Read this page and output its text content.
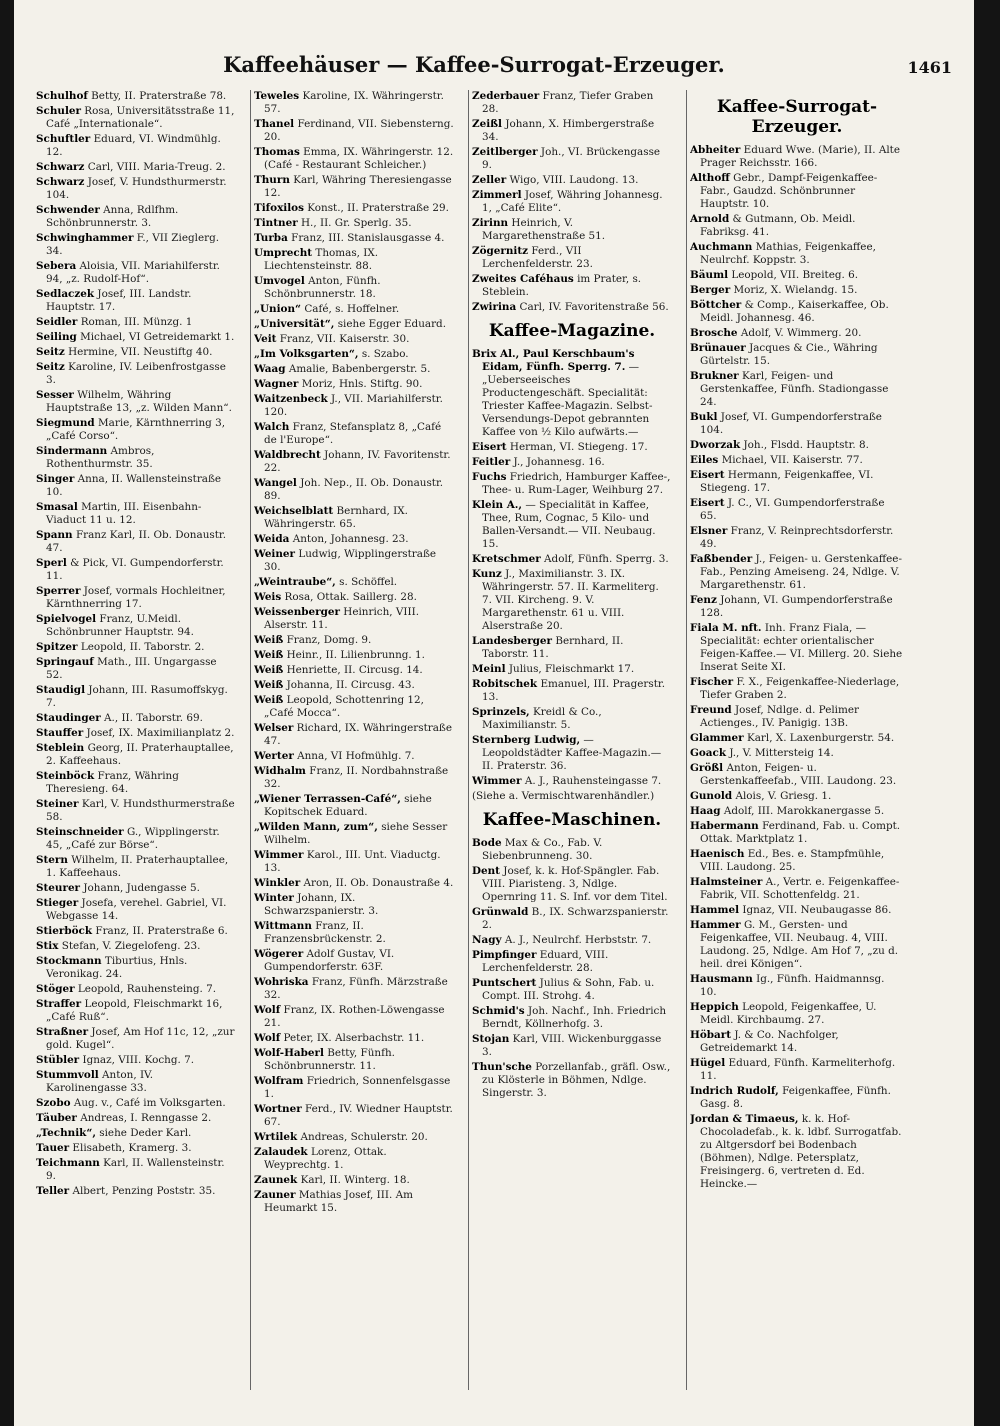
Kaffeehäuser — Kaffee-Surrogat-Erzeuger.	1461
Schulhof Betty, II. Praterstraße 78.
Schuler Rosa, Universitätsstraße 11, Café „Internationale“.
Schuftler Eduard, VI. Windmühlg. 12.
Schwarz Carl, VIII. Maria-Treug. 2.
Schwarz Josef, V. Hundsthurmerstr. 104.
Schwender Anna, Rdlfhm. Schönbrunnerstr. 3.
Schwinghammer F., VII Zieglerg. 34.
Sebera Aloisia, VII. Mariahilferstr. 94, „z. Rudolf-Hof“.
Sedlaczek Josef, III. Landstr. Hauptstr. 17.
Seidler Roman, III. Münzg. 1
Seiling Michael, VI Getreidemarkt 1.
Seitz Hermine, VII. Neustiftg 40.
Seitz Karoline, IV. Leibenfrostgasse 3.
Sesser Wilhelm, Währing Hauptstraße 13, „z. Wilden Mann“.
Siegmund Marie, Kärnthnerring 3, „Café Corso“.
Sindermann Ambros, Rothenthurmstr. 35.
Singer Anna, II. Wallensteinstraße 10.
Smasal Martin, III. Eisenbahn-Viaduct 11 u. 12.
Spann Franz Karl, II. Ob. Donaustr. 47.
Sperl & Pick, VI. Gumpendorferstr. 11.
Sperrer Josef, vormals Hochleitner, Kärnthnerring 17.
Spielvogel Franz, U.Meidl. Schönbrunner Hauptstr. 94.
Spitzer Leopold, II. Taborstr. 2.
Springauf Math., III. Ungargasse 52.
Staudigl Johann, III. Rasumoffskyg. 7.
Staudinger A., II. Taborstr. 69.
Stauffer Josef, IX. Maximilianplatz 2.
Steblein Georg, II. Praterhauptallee, 2. Kaffeehaus.
Steinböck Franz, Währing Theresieng. 64.
Steiner Karl, V. Hundsthurmerstraße 58.
Steinschneider G., Wipplingerstr. 45, „Café zur Börse“.
Stern Wilhelm, II. Praterhauptallee, 1. Kaffeehaus.
Steurer Johann, Judengasse 5.
Stieger Josefa, verehel. Gabriel, VI. Webgasse 14.
Stierböck Franz, II. Praterstraße 6.
Stix Stefan, V. Ziegelofeng. 23.
Stockmann Tiburtius, Hnls. Veronikag. 24.
Stöger Leopold, Rauhensteing. 7.
Straffer Leopold, Fleischmarkt 16, „Café Ruß“.
Straßner Josef, Am Hof 11c, 12, „zur gold. Kugel“.
Stübler Ignaz, VIII. Kochg. 7.
Stummvoll Anton, IV. Karolinengasse 33.
Szobo Aug. v., Café im Volksgarten.
Täuber Andreas, I. Renngasse 2.
„Technik“, siehe Deder Karl.
Tauer Elisabeth, Kramerg. 3.
Teichmann Karl, II. Wallensteinstr. 9.
Teller Albert, Penzing Poststr. 35.
Teweles Karoline, IX. Währingerstr. 57.
Thanel Ferdinand, VII. Siebensterng. 20.
Thomas Emma, IX. Währingerstr. 12. (Café - Restaurant Schleicher.)
Thurn Karl, Währing Theresiengasse 12.
Tifoxilos Konst., II. Praterstraße 29.
Tintner H., II. Gr. Sperlg. 35.
Turba Franz, III. Stanislausgasse 4.
Umprecht Thomas, IX. Liechtensteinstr. 88.
Umvogel Anton, Fünfh. Schönbrunnerstr. 18.
„Union“ Café, s. Hoffelner.
„Universität“, siehe Egger Eduard.
Veit Franz, VII. Kaiserstr. 30.
„Im Volksgarten“, s. Szabo.
Waag Amalie, Babenbergerstr. 5.
Wagner Moriz, Hnls. Stiftg. 90.
Waitzenbeck J., VII. Mariahilferstr. 120.
Walch Franz, Stefansplatz 8, „Café de l'Europe“.
Waldbrecht Johann, IV. Favoritenstr. 22.
Wangel Joh. Nep., II. Ob. Donaustr. 89.
Weichselblatt Bernhard, IX. Währingerstr. 65.
Weida Anton, Johannesg. 23.
Weiner Ludwig, Wipplingerstraße 30.
„Weintraube“, s. Schöffel.
Weis Rosa, Ottak. Saillerg. 28.
Weissenberger Heinrich, VIII. Alserstr. 11.
Weiß Franz, Domg. 9.
Weiß Heinr., II. Lilienbrunng. 1.
Weiß Henriette, II. Circusg. 14.
Weiß Johanna, II. Circusg. 43.
Weiß Leopold, Schottenring 12, „Café Mocca“.
Welser Richard, IX. Währingerstraße 47.
Werter Anna, VI Hofmühlg. 7.
Widhalm Franz, II. Nordbahnstraße 32.
„Wiener Terrassen-Café“, siehe Kopitschek Eduard.
„Wilden Mann, zum“, siehe Sesser Wilhelm.
Wimmer Karol., III. Unt. Viaductg. 13.
Winkler Aron, II. Ob. Donaustraße 4.
Winter Johann, IX. Schwarzspanierstr. 3.
Wittmann Franz, II. Franzensbrückenstr. 2.
Wögerer Adolf Gustav, VI. Gumpendorferstr. 63F.
Wohriska Franz, Fünfh. Märzstraße 32.
Wolf Franz, IX. Rothen-Löwengasse 21.
Wolf Peter, IX. Alserbachstr. 11.
Wolf-Haberl Betty, Fünfh. Schönbrunnerstr. 11.
Wolfram Friedrich, Sonnenfelsgasse 1.
Wortner Ferd., IV. Wiedner Hauptstr. 67.
Wrtilek Andreas, Schulerstr. 20.
Zalaudek Lorenz, Ottak. Weyprechtg. 1.
Zaunek Karl, II. Winterg. 18.
Zauner Mathias Josef, III. Am Heumarkt 15.
Zederbauer Franz, Tiefer Graben 28.
Zeißl Johann, X. Himbergerstraße 34.
Zeitlberger Joh., VI. Brückengasse 9.
Zeller Wigo, VIII. Laudong. 13.
Zimmerl Josef, Währing Johannesg. 1, „Café Elite“.
Zirinn Heinrich, V. Margarethenstraße 51.
Zögernitz Ferd., VII Lerchenfelderstr. 23.
Zweites Caféhaus im Prater, s. Steblein.
Zwirina Carl, IV. Favoritenstraße 56.
Kaffee-Magazine.
Brix Al., Paul Kerschbaum's Eidam, Fünfh. Sperrg. 7. — „Ueberseeisches Productengeschäft. Specialität: Triester Kaffee-Magazin. Selbst-Versendungs-Depot gebrannten Kaffee von ½ Kilo aufwärts.—
Eisert Herman, VI. Stiegeng. 17.
Feitler J., Johannesg. 16.
Fuchs Friedrich, Hamburger Kaffee-, Thee- u. Rum-Lager, Weihburg 27.
Klein A., — Specialität in Kaffee, Thee, Rum, Cognac, 5 Kilo- und Ballen-Versandt.— VII. Neubaug. 15.
Kretschmer Adolf, Fünfh. Sperrg. 3.
Kunz J., Maximilianstr. 3. IX. Währingerstr. 57. II. Karmeliterg. 7. VII. Kircheng. 9. V. Margarethenstr. 61 u. VIII. Alserstraße 20.
Landesberger Bernhard, II. Taborstr. 11.
Meinl Julius, Fleischmarkt 17.
Robitschek Emanuel, III. Pragerstr. 13.
Sprinzels, Kreidl & Co., Maximilianstr. 5.
Sternberg Ludwig, — Leopoldstädter Kaffee-Magazin.— II. Praterstr. 36.
Wimmer A. J., Rauhensteingasse 7.
(Siehe a. Vermischtwarenhändler.)
Kaffee-Maschinen.
Bode Max & Co., Fab. V. Siebenbrunneng. 30.
Dent Josef, k. k. Hof-Spängler. Fab. VIII. Piaristeng. 3, Ndlge. Opernring 11. S. Inf. vor dem Titel.
Grünwald B., IX. Schwarzspanierstr. 2.
Nagy A. J., Neulrchf. Herbststr. 7.
Pimpfinger Eduard, VIII. Lerchenfelderstr. 28.
Puntschert Julius & Sohn, Fab. u. Compt. III. Strohg. 4.
Schmid's Joh. Nachf., Inh. Friedrich Berndt, Köllnerhofg. 3.
Stojan Karl, VIII. Wickenburggasse 3.
Thun'sche Porzellanfab., gräfl. Osw., zu Klösterle in Böhmen, Ndlge. Singerstr. 3.
Kaffee-Surrogat-Erzeuger.
Abheiter Eduard Wwe. (Marie), II. Alte Prager Reichsstr. 166.
Althoff Gebr., Dampf-Feigenkaffee-Fabr., Gaudzd. Schönbrunner Hauptstr. 10.
Arnold & Gutmann, Ob. Meidl. Fabriksg. 41.
Auchmann Mathias, Feigenkaffee, Neulrchf. Koppstr. 3.
Bäuml Leopold, VII. Breiteg. 6.
Berger Moriz, X. Wielandg. 15.
Böttcher & Comp., Kaiserkaffee, Ob. Meidl. Johannesg. 46.
Brosche Adolf, V. Wimmerg. 20.
Brünauer Jacques & Cie., Währing Gürtelstr. 15.
Brukner Karl, Feigen- und Gerstenkaffee, Fünfh. Stadiongasse 24.
Bukl Josef, VI. Gumpendorferstraße 104.
Dworzak Joh., Flsdd. Hauptstr. 8.
Eiles Michael, VII. Kaiserstr. 77.
Eisert Hermann, Feigenkaffee, VI. Stiegeng. 17.
Eisert J. C., VI. Gumpendorferstraße 65.
Elsner Franz, V. Reinprechtsdorferstr. 49.
Faßbender J., Feigen- u. Gerstenkaffee-Fab., Penzing Ameiseng. 24, Ndlge. V. Margarethenstr. 61.
Fenz Johann, VI. Gumpendorferstraße 128.
Fiala M. nft. Inh. Franz Fiala, — Specialität: echter orientalischer Feigen-Kaffee.— VI. Millerg. 20. Siehe Inserat Seite XI.
Fischer F. X., Feigenkaffee-Niederlage, Tiefer Graben 2.
Freund Josef, Ndlge. d. Pelimer Actienges., IV. Panigig. 13B.
Glammer Karl, X. Laxenburgerstr. 54.
Goack J., V. Mittersteig 14.
Größl Anton, Feigen- u. Gerstenkaffeefab., VIII. Laudong. 23.
Gunold Alois, V. Griesg. 1.
Haag Adolf, III. Marokkanergasse 5.
Habermann Ferdinand, Fab. u. Compt. Ottak. Marktplatz 1.
Haenisch Ed., Bes. e. Stampfmühle, VIII. Laudong. 25.
Halmsteiner A., Vertr. e. Feigenkaffee-Fabrik, VII. Schottenfeldg. 21.
Hammel Ignaz, VII. Neubaugasse 86.
Hammer G. M., Gersten- und Feigenkaffee, VII. Neubaug. 4, VIII. Laudong. 25, Ndlge. Am Hof 7, „zu d. heil. drei Königen“.
Hausmann Ig., Fünfh. Haidmannsg. 10.
Heppich Leopold, Feigenkaffee, U. Meidl. Kirchbaumg. 27.
Höbart J. & Co. Nachfolger, Getreidemarkt 14.
Hügel Eduard, Fünfh. Karmeliterhofg. 11.
Indrich Rudolf, Feigenkaffee, Fünfh. Gasg. 8.
Jordan & Timaeus, k. k. Hof-Chocoladefab., k. k. ldbf. Surrogatfab. zu Altgersdorf bei Bodenbach (Böhmen), Ndlge. Petersplatz, Freisingerg. 6, vertreten d. Ed. Heincke.—
